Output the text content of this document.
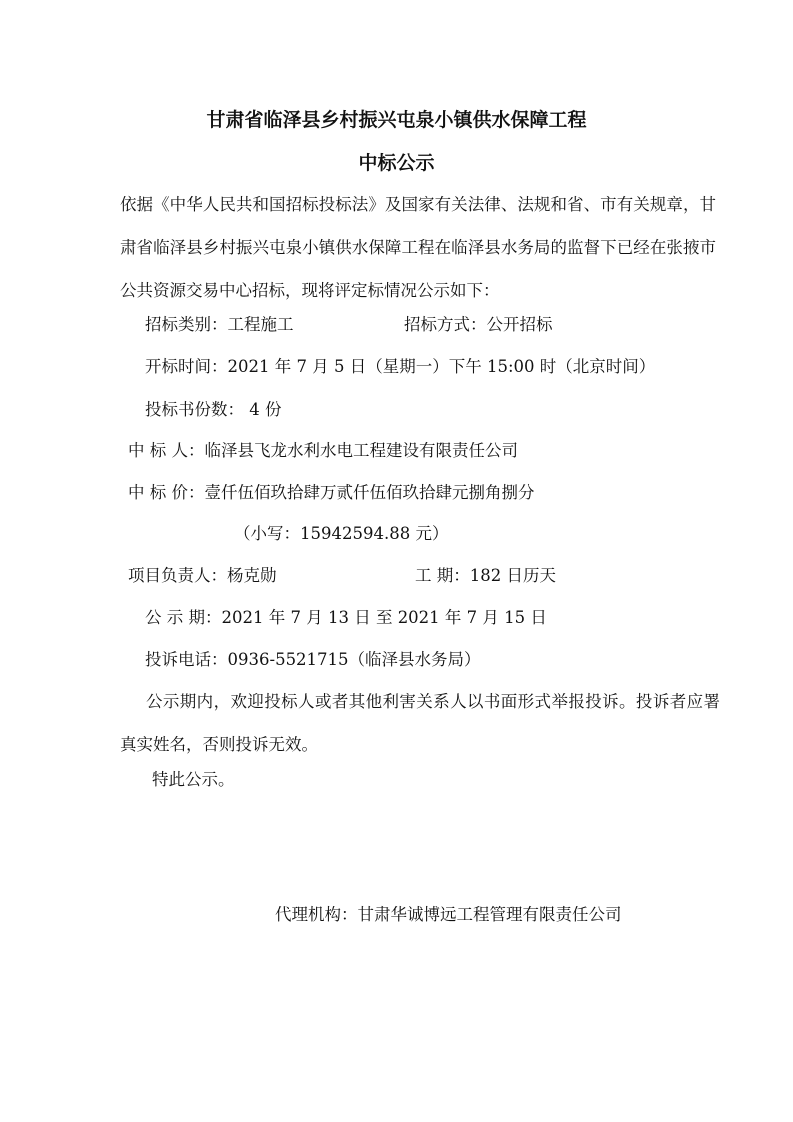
甘肃省临泽县乡村振兴屯泉小镇供水保障工程
中标公示

依据《中华人民共和国招标投标法》及国家有关法律、法规和省、市有关规章，甘肃省临泽县乡村振兴屯泉小镇供水保障工程在临泽县水务局的监督下已经在张掖市公共资源交易中心招标，现将评定标情况公示如下：

招标类别：工程施工	招标方式：公开招标
开标时间：2021 年 7 月 5 日（星期一）下午 15:00 时（北京时间）
投标书份数： 4 份
中 标 人：临泽县飞龙水利水电工程建设有限责任公司
中 标 价：壹仟伍佰玖拾肆万贰仟伍佰玖拾肆元捌角捌分
（小写：15942594.88 元）
项目负责人：杨克勋	工 期：182 日历天
公 示 期：2021 年 7 月 13 日 至 2021 年 7 月 15 日
投诉电话：0936-5521715（临泽县水务局）

公示期内，欢迎投标人或者其他利害关系人以书面形式举报投诉。投诉者应署真实姓名，否则投诉无效。

特此公示。
代理机构：甘肃华诚博远工程管理有限责任公司
